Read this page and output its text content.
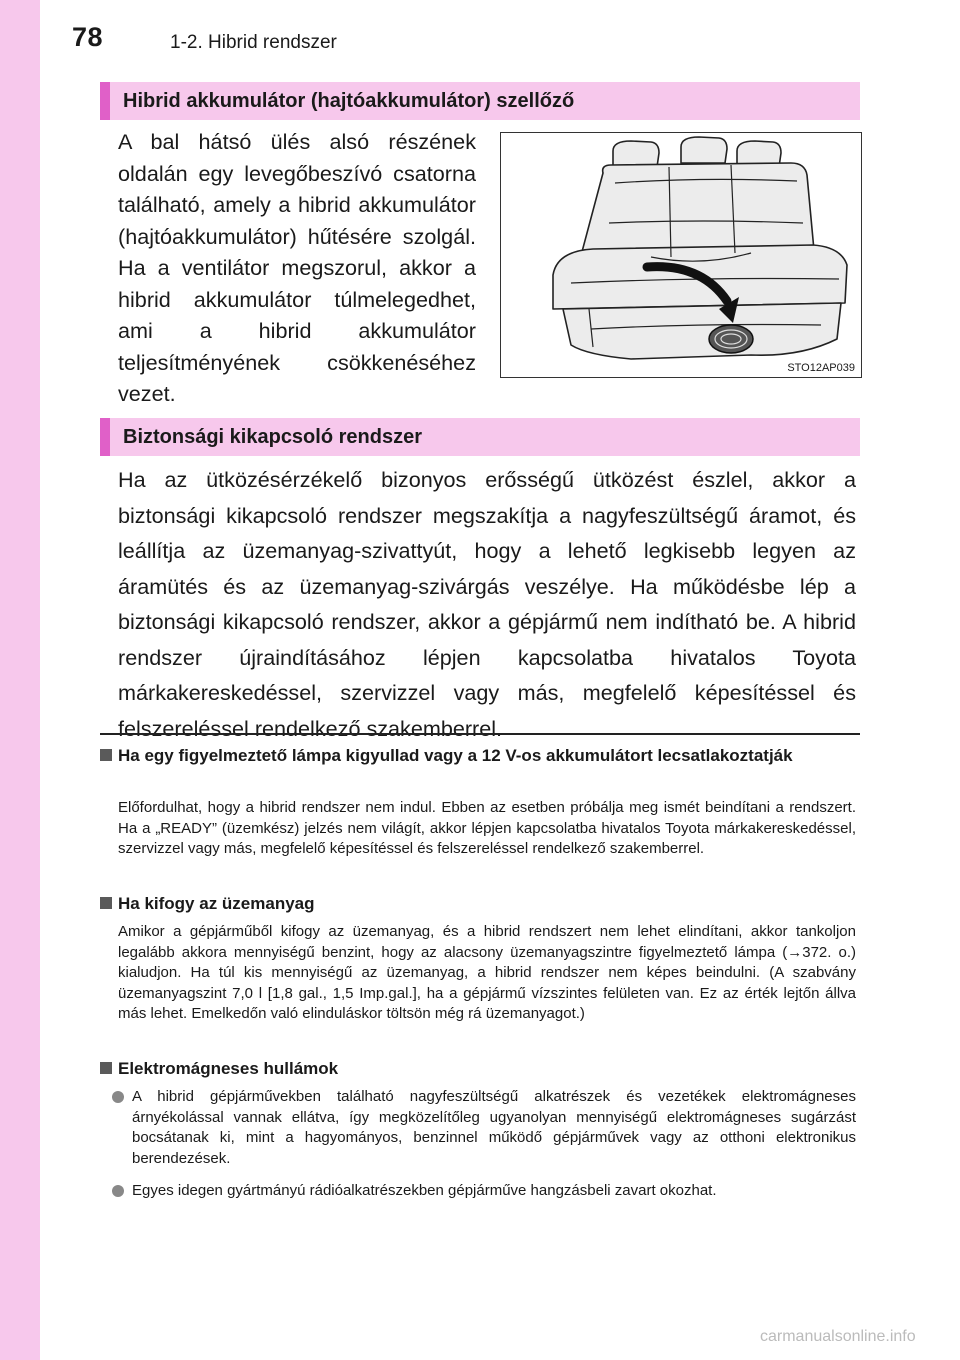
78	1-2. Hibrid rendszer
Hibrid akkumulátor (hajtóakkumulátor) szellőző
A bal hátsó ülés alsó részének oldalán egy levegőbeszívó csatorna található, amely a hibrid akkumulátor (hajtóakkumulátor) hűtésére szolgál. Ha a ventilátor megszorul, akkor a hibrid akkumulátor túlmelegedhet, ami a hibrid akkumulátor teljesítményének csökkenéséhez vezet.
STO12AP039
Biztonsági kikapcsoló rendszer
Ha az ütközésérzékelő bizonyos erősségű ütközést észlel, akkor a biztonsági kikapcsoló rendszer megszakítja a nagyfeszültségű áramot, és leállítja az üzemanyag-szivattyút, hogy a lehető legkisebb legyen az áramütés és az üzemanyag-szivárgás veszélye. Ha működésbe lép a biztonsági kikapcsoló rendszer, akkor a gépjármű nem indítható be. A hibrid rendszer újraindításához lépjen kapcsolatba hivatalos Toyota márkakereskedéssel, szervizzel vagy más, megfelelő képesítéssel és felszereléssel rendelkező szakemberrel.
Ha egy figyelmeztető lámpa kigyullad vagy a 12 V-os akkumulátort lecsatlakoztatják
Előfordulhat, hogy a hibrid rendszer nem indul. Ebben az esetben próbálja meg ismét beindítani a rendszert. Ha a „READY” (üzemkész) jelzés nem világít, akkor lépjen kapcsolatba hivatalos Toyota márkakereskedéssel, szervizzel vagy más, megfelelő képesítéssel és felszereléssel rendelkező szakemberrel.
Ha kifogy az üzemanyag
Amikor a gépjárműből kifogy az üzemanyag, és a hibrid rendszert nem lehet elindítani, akkor tankoljon legalább akkora mennyiségű benzint, hogy az alacsony üzemanyagszintre figyelmeztető lámpa (→372. o.) kialudjon. Ha túl kis mennyiségű az üzemanyag, a hibrid rendszer nem képes beindulni. (A szabvány üzemanyagszint 7,0 l [1,8 gal., 1,5 Imp.gal.], ha a gépjármű vízszintes felületen van. Ez az érték lejtőn állva más lehet. Emelkedőn való elinduláskor töltsön még rá üzemanyagot.)
Elektromágneses hullámok
A hibrid gépjárművekben található nagyfeszültségű alkatrészek és vezetékek elektromágneses árnyékolással vannak ellátva, így megközelítőleg ugyanolyan mennyiségű elektromágneses sugárzást bocsátanak ki, mint a hagyományos, benzinnel működő gépjárművek vagy az otthoni elektronikus berendezések.
Egyes idegen gyártmányú rádióalkatrészekben gépjárműve hangzásbeli zavart okozhat.
carmanualsonline.info
